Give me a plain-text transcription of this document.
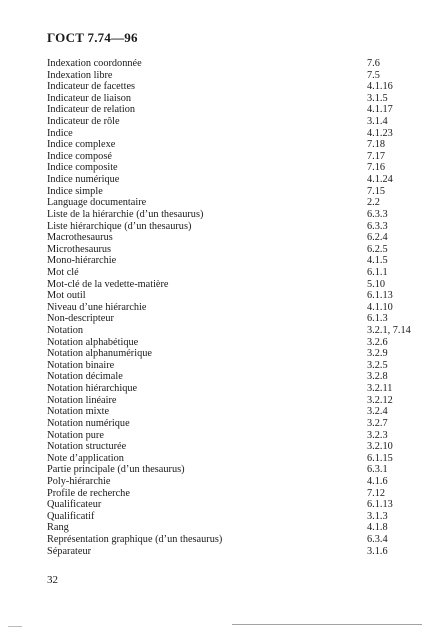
ГОСТ 7.74—96
Indexation coordonnée	7.6
Indexation libre	7.5
Indicateur de facettes	4.1.16
Indicateur de liaison	3.1.5
Indicateur de relation	4.1.17
Indicateur de rôle	3.1.4
Indice	4.1.23
Indice complexe	7.18
Indice composé	7.17
Indice composite	7.16
Indice numérique	4.1.24
Indice simple	7.15
Language documentaire	2.2
Liste de la hiérarchie (d’un thesaurus)	6.3.3
Liste hiérarchique (d’un thesaurus)	6.3.3
Macrothesaurus	6.2.4
Microthesaurus	6.2.5
Mono-hiérarchie	4.1.5
Mot clé	6.1.1
Mot-clé de la vedette-matière	5.10
Mot outil	6.1.13
Niveau d’une hiérarchie	4.1.10
Non-descripteur	6.1.3
Notation	3.2.1, 7.14
Notation alphabétique	3.2.6
Notation alphanumérique	3.2.9
Notation binaire	3.2.5
Notation décimale	3.2.8
Notation hiérarchique	3.2.11
Notation linéaire	3.2.12
Notation mixte	3.2.4
Notation numérique	3.2.7
Notation pure	3.2.3
Notation structurée	3.2.10
Note d’application	6.1.15
Partie principale (d’un thesaurus)	6.3.1
Poly-hiérarchie	4.1.6
Profile de recherche	7.12
Qualificateur	6.1.13
Qualificatif	3.1.3
Rang	4.1.8
Représentation graphique (d’un thesaurus)	6.3.4
Séparateur	3.1.6
32
